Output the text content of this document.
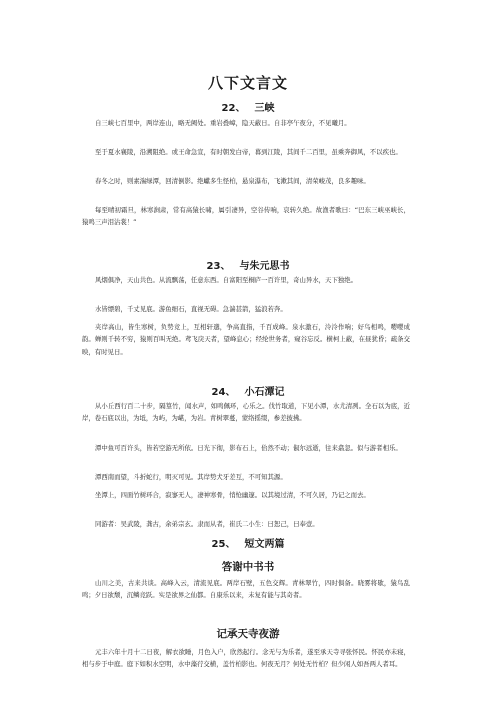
八下文言文
22、 三峡
自三峡七百里中，两岸连山，略无阙处。重岩叠嶂，隐天蔽日。自非亭午夜分，不见曦月。
至于夏水襄陵，沿溯阻绝。或王命急宣，有时朝发白帝，暮到江陵，其间千二百里，虽乘奔御风，不以疾也。
春冬之时，则素湍绿潭，回清倒影。绝巘多生怪柏，悬泉瀑布，飞漱其间，清荣峻茂，良多趣味。
每至晴初霜旦，林寒涧肃，常有高猿长啸，属引凄异，空谷传响，哀转久绝。故渔者歌曰：“巴东三峡巫峡长，猿鸣三声泪沾裳！”
23、 与朱元思书
风烟俱净，天山共色。从流飘荡，任意东西。自富阳至桐庐一百许里，奇山异水，天下独绝。
水皆缥碧，千丈见底。游鱼细石，直视无碍。急湍甚箭，猛浪若奔。
夹岸高山，皆生寒树，负势竞上，互相轩邈，争高直指，千百成峰。泉水激石，泠泠作响；好鸟相鸣，嘤嘤成韵。蝉则千转不穷，猿则百叫无绝。鸢飞戾天者，望峰息心；经纶世务者，窥谷忘反。横柯上蔽，在昼犹昏；疏条交映，有时见日。
24、 小石潭记
从小丘西行百二十步，隔篁竹，闻水声，如鸣佩环，心乐之。伐竹取道，下见小潭，水尤清冽。全石以为底，近岸，卷石底以出，为坻，为屿，为嵁，为岩。青树翠蔓，蒙络摇缀，参差披拂。
潭中鱼可百许头，皆若空游无所依。日光下彻，影布石上，佁然不动；俶尔远逝，往来翕忽。似与游者相乐。
潭西南而望，斗折蛇行，明灭可见。其岸势犬牙差互，不可知其源。
坐潭上，四面竹树环合，寂寥无人，凄神寒骨，悄怆幽邃。以其境过清，不可久居，乃记之而去。
同游者：吴武陵，龚古，余弟宗玄。隶而从者，崔氏二小生：曰恕己，曰奉壹。
25、 短文两篇
答谢中书书
山川之美，古来共谈。高峰入云，清流见底。两岸石壁，五色交辉。青林翠竹，四时俱备。晓雾将歇，猿鸟乱鸣；夕日欲颓，沉鳞竞跃。实是欲界之仙都。自康乐以来，未复有能与其奇者。
记承天寺夜游
元丰六年十月十二日夜，解衣欲睡，月色入户，欣然起行。念无与为乐者，遂至承天寺寻张怀民。怀民亦未寝，相与步于中庭。庭下如积水空明，水中藻荇交横，盖竹柏影也。何夜无月？何处无竹柏？但少闲人如吾两人者耳。
